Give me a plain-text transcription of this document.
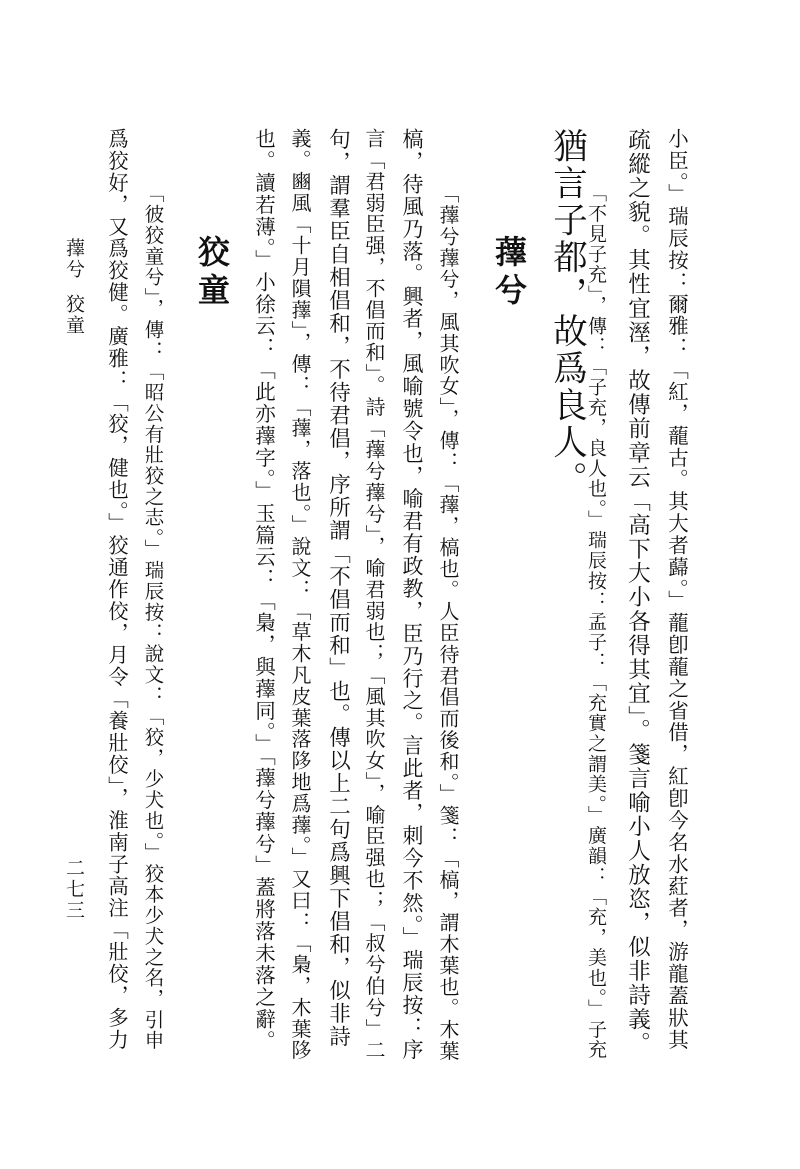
小臣。」瑞辰按：爾雅：「紅，蘢古。其大者蘬。」蘢卽蘢之省借，紅卽今名水葒者，游龍蓋狀其
疏縱之貌。其性宜溼，故傳前章云「高下大小各得其宜」。箋言喻小人放恣，似非詩義。
「不見子充」，傳：「子充，良人也。」瑞辰按：孟子：「充實之謂美。」廣韻：「充，美也。」子充
猶言子都，故爲良人。
蘀兮
「蘀兮蘀兮，風其吹女」，傳：「蘀，槁也。人臣待君倡而後和。」箋：「槁，謂木葉也。木葉
槁，待風乃落。興者，風喻號令也，喻君有政教，臣乃行之。言此者，刺今不然。」瑞辰按：序
言「君弱臣强，不倡而和」。詩「蘀兮蘀兮」，喻君弱也；「風其吹女」，喻臣强也；「叔兮伯兮」二
句，謂羣臣自相倡和，不待君倡，序所謂「不倡而和」也。傳以上二句爲興下倡和，似非詩
義。豳風「十月隕蘀」，傳：「蘀，落也。」說文：「草木凡皮葉落陊地爲蘀。」又曰：「梟，木葉陊
也。讀若薄。」小徐云：「此亦蘀字。」玉篇云：「梟，與蘀同。」「蘀兮蘀兮」蓋將落未落之辭。
狡童
「彼狡童兮」，傳：「昭公有壯狡之志。」瑞辰按：說文：「狡，少犬也。」狡本少犬之名，引申
爲狡好，又爲狡健。廣雅：「狡，健也。」狡通作佼，月令「養壯佼」，淮南子高注「壯佼，多力
蘀兮狡童
二七三
